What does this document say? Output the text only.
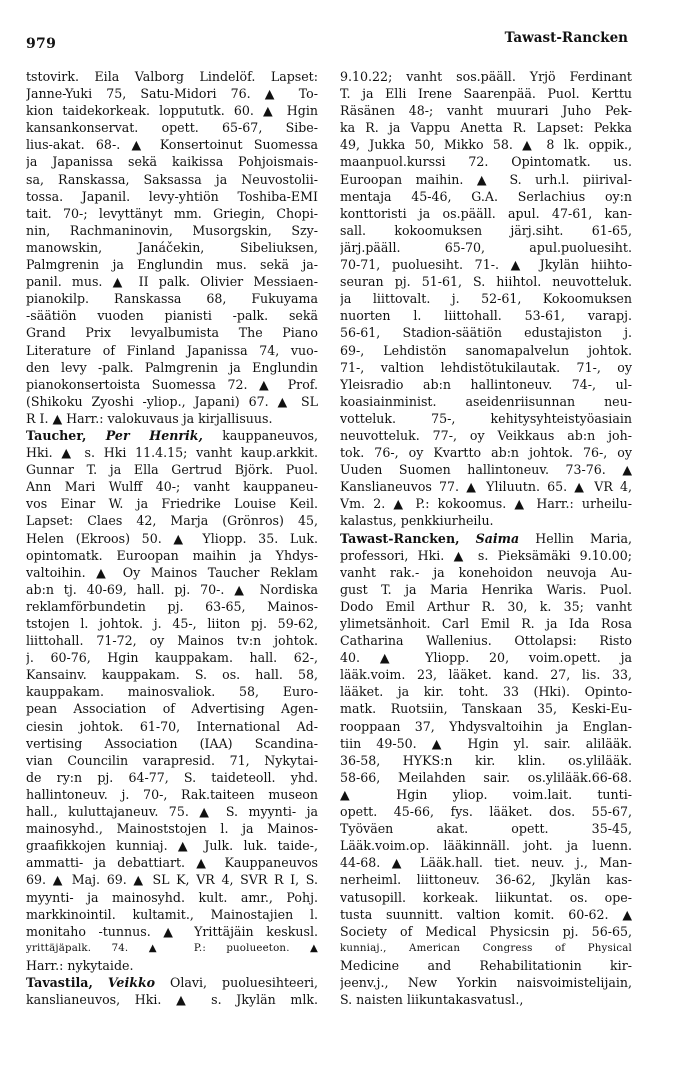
979	Tawast-Rancken
tstovirk. Eila Valborg Lindelöf. Lapset:
Janne-Yuki 75, Satu-Midori 76. ▲ To-
kion taidekorkeak. loppututk. 60. ▲ Hgin
kansankonservat. opett. 65-67, Sibe-
lius-akat. 68-. ▲ Konsertoinut Suomessa
ja Japanissa sekä kaikissa Pohjoismais-
sa, Ranskassa, Saksassa ja Neuvostolii-
tossa. Japanil. levy-yhtiön Toshiba-EMI
tait. 70-; levyttänyt mm. Griegin, Chopi-
nin, Rachmaninovin, Musorgskin, Szy-
manowskin, Janáčekin, Sibeliuksen,
Palmgrenin ja Englundin mus. sekä ja-
panil. mus. ▲ II palk. Olivier Messiaen-
pianokilp. Ranskassa 68, Fukuyama
-säätiön vuoden pianisti -palk. sekä
Grand Prix levyalbumista The Piano
Literature of Finland Japanissa 74, vuo-
den levy -palk. Palmgrenin ja Englundin
pianokonsertoista Suomessa 72. ▲ Prof.
(Shikoku Zyoshi -yliop., Japani) 67. ▲ SL
R I. ▲ Harr.: valokuvaus ja kirjallisuus.
Taucher, Per Henrik, kauppaneuvos,
Hki. ▲ s. Hki 11.4.15; vanht kaup.arkkit.
Gunnar T. ja Ella Gertrud Björk. Puol.
Ann Mari Wulff 40-; vanht kauppaneu-
vos Einar W. ja Friedrike Louise Keil.
Lapset: Claes 42, Marja (Grönros) 45,
Helen (Ekroos) 50. ▲ Yliopp. 35. Luk.
opintomatk. Euroopan maihin ja Yhdys-
valtoihin. ▲ Oy Mainos Taucher Reklam
ab:n tj. 40-69, hall. pj. 70-. ▲ Nordiska
reklamförbundetin pj. 63-65, Mainos-
tstojen l. johtok. j. 45-, liiton pj. 59-62,
liittohall. 71-72, oy Mainos tv:n johtok.
j. 60-76, Hgin kauppakam. hall. 62-,
Kansainv. kauppakam. S. os. hall. 58,
kauppakam. mainosvaliok. 58, Euro-
pean Association of Advertising Agen-
ciesin johtok. 61-70, International Ad-
vertising Association (IAA) Scandina-
vian Councilin varapresid. 71, Nykytai-
de ry:n pj. 64-77, S. taideteoll. yhd.
hallintoneuv. j. 70-, Rak.taiteen museon
hall., kuluttajaneuv. 75. ▲ S. myynti- ja
mainosyhd., Mainoststojen l. ja Mainos-
graafikkojen kunniaj. ▲ Julk. luk. taide-,
ammatti- ja debattiart. ▲ Kauppaneuvos
69. ▲ Maj. 69. ▲ SL K, VR 4, SVR R I, S.
myynti- ja mainosyhd. kult. amr., Pohj.
markkinointil. kultamit., Mainostajien l.
monitaho -tunnus. ▲ Yrittäjäin keskusl.
yrittäjäpalk. 74. ▲ P.: puolueeton. ▲
Harr.: nykytaide.
Tavastila, Veikko Olavi, puoluesihteeri,
kanslianeuvos, Hki. ▲ s. Jkylän mlk.
9.10.22; vanht sos.pääll. Yrjö Ferdinant
T. ja Elli Irene Saarenpää. Puol. Kerttu
Räsänen 48-; vanht muurari Juho Pek-
ka R. ja Vappu Anetta R. Lapset: Pekka
49, Jukka 50, Mikko 58. ▲ 8 lk. oppik.,
maanpuol.kurssi 72. Opintomatk. us.
Euroopan maihin. ▲ S. urh.l. piirival-
mentaja 45-46, G.A. Serlachius oy:n
konttoristi ja os.pääll. apul. 47-61, kan-
sall. kokoomuksen järj.siht. 61-65,
järj.pääll. 65-70, apul.puoluesiht.
70-71, puoluesiht. 71-. ▲ Jkylän hiihto-
seuran pj. 51-61, S. hiihtol. neuvotteluk.
ja liittovalt. j. 52-61, Kokoomuksen
nuorten l. liittohall. 53-61, varapj.
56-61, Stadion-säätiön edustajiston j.
69-, Lehdistön sanomapalvelun johtok.
71-, valtion lehdistötukilautak. 71-, oy
Yleisradio ab:n hallintoneuv. 74-, ul-
koasiainminist. aseidenriisunnan neu-
votteluk. 75-, kehitysyhteistyöasiain
neuvotteluk. 77-, oy Veikkaus ab:n joh-
tok. 76-, oy Kvartto ab:n johtok. 76-, oy
Uuden Suomen hallintoneuv. 73-76. ▲
Kanslianeuvos 77. ▲ Yliluutn. 65. ▲ VR 4,
Vm. 2. ▲ P.: kokoomus. ▲ Harr.: urheilu-
kalastus, penkkiurheilu.
Tawast-Rancken, Saima Hellin Maria,
professori, Hki. ▲ s. Pieksämäki 9.10.00;
vanht rak.- ja konehoidon neuvoja Au-
gust T. ja Maria Henrika Waris. Puol.
Dodo Emil Arthur R. 30, k. 35; vanht
ylimetsänhoit. Carl Emil R. ja Ida Rosa
Catharina Wallenius. Ottolapsi: Risto
40. ▲ Yliopp. 20, voim.opett. ja
lääk.voim. 23, lääket. kand. 27, lis. 33,
lääket. ja kir. toht. 33 (Hki). Opinto-
matk. Ruotsiin, Tanskaan 35, Keski-Eu-
rooppaan 37, Yhdysvaltoihin ja Englan-
tiin 49-50. ▲ Hgin yl. sair. alilääk.
36-58, HYKS:n kir. klin. os.ylilääk.
58-66, Meilahden sair. os.ylilääk.66-68.
▲ Hgin yliop. voim.lait. tunti-
opett. 45-66, fys. lääket. dos. 55-67,
Työväen akat. opett. 35-45,
Lääk.voim.op. lääkinnäll. joht. ja luenn.
44-68. ▲ Lääk.hall. tiet. neuv. j., Man-
nerheiml. liittoneuv. 36-62, Jkylän kas-
vatusopill. korkeak. liikuntat. os. ope-
tusta suunnitt. valtion komit. 60-62. ▲
Society of Medical Physicsin pj. 56-65,
kunniaj., American Congress of Physical
Medicine and Rehabilitationin kir-
jeenv.j., New Yorkin naisvoimistelijain,
S. naisten liikuntakasvatusl.,
